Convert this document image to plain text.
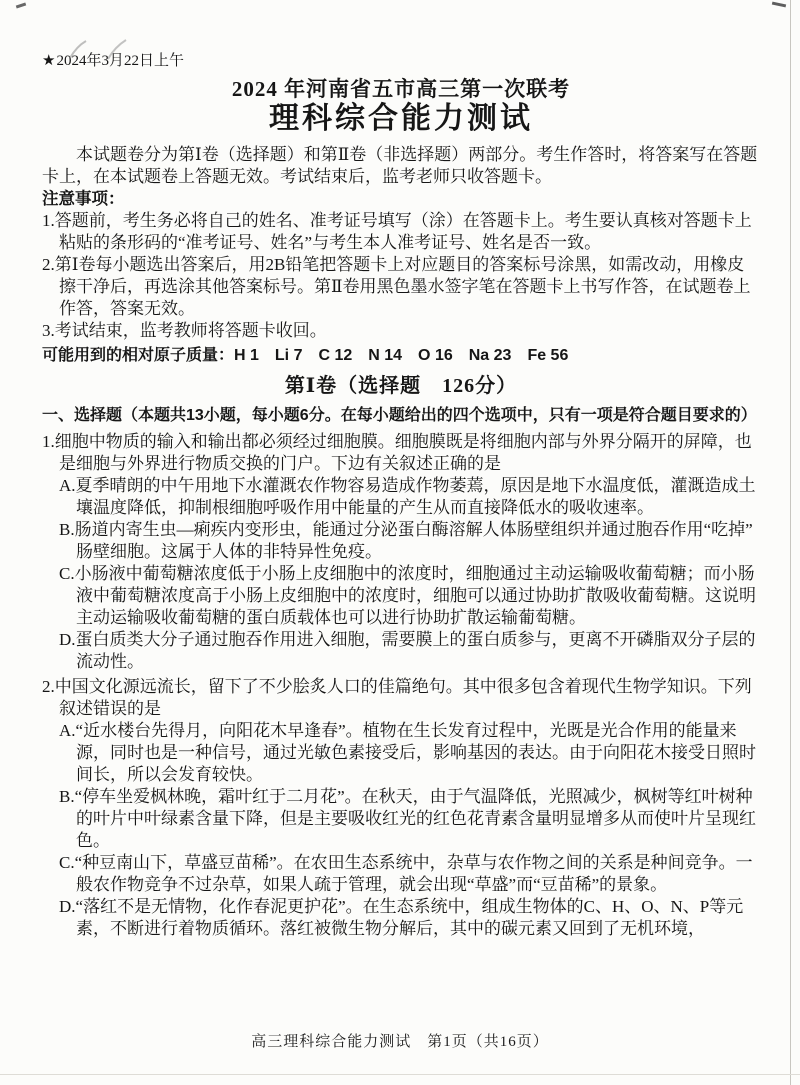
★2024年3月22日上午
2024 年河南省五市高三第一次联考
理科综合能力测试

本试题卷分为第Ⅰ卷（选择题）和第Ⅱ卷（非选择题）两部分。考生作答时，将答案写在答题卡上，在本试题卷上答题无效。考试结束后，监考老师只收答题卡。

注意事项：
1.答题前，考生务必将自己的姓名、准考证号填写（涂）在答题卡上。考生要认真核对答题卡上粘贴的条形码的“准考证号、姓名”与考生本人准考证号、姓名是否一致。
2.第Ⅰ卷每小题选出答案后，用2B铅笔把答题卡上对应题目的答案标号涂黑，如需改动，用橡皮擦干净后，再选涂其他答案标号。第Ⅱ卷用黑色墨水签字笔在答题卡上书写作答，在试题卷上作答，答案无效。
3.考试结束，监考教师将答题卡收回。
可能用到的相对原子质量：H 1　Li 7　C 12　N 14　O 16　Na 23　Fe 56
第Ⅰ卷（选择题　126分）
一、选择题（本题共13小题，每小题6分。在每小题给出的四个选项中，只有一项是符合题目要求的）
1.细胞中物质的输入和输出都必须经过细胞膜。细胞膜既是将细胞内部与外界分隔开的屏障，也是细胞与外界进行物质交换的门户。下边有关叙述正确的是
A.夏季晴朗的中午用地下水灌溉农作物容易造成作物萎蔫，原因是地下水温度低，灌溉造成土壤温度降低，抑制根细胞呼吸作用中能量的产生从而直接降低水的吸收速率。
B.肠道内寄生虫—痢疾内变形虫，能通过分泌蛋白酶溶解人体肠壁组织并通过胞吞作用“吃掉”肠壁细胞。这属于人体的非特异性免疫。
C.小肠液中葡萄糖浓度低于小肠上皮细胞中的浓度时，细胞通过主动运输吸收葡萄糖；而小肠液中葡萄糖浓度高于小肠上皮细胞中的浓度时，细胞可以通过协助扩散吸收葡萄糖。这说明主动运输吸收葡萄糖的蛋白质载体也可以进行协助扩散运输葡萄糖。
D.蛋白质类大分子通过胞吞作用进入细胞，需要膜上的蛋白质参与，更离不开磷脂双分子层的流动性。
2.中国文化源远流长，留下了不少脍炙人口的佳篇绝句。其中很多包含着现代生物学知识。下列叙述错误的是
A.“近水楼台先得月，向阳花木早逢春”。植物在生长发育过程中，光既是光合作用的能量来源，同时也是一种信号，通过光敏色素接受后，影响基因的表达。由于向阳花木接受日照时间长，所以会发育较快。
B.“停车坐爱枫林晚，霜叶红于二月花”。在秋天，由于气温降低，光照减少，枫树等红叶树种的叶片中叶绿素含量下降，但是主要吸收红光的红色花青素含量明显增多从而使叶片呈现红色。
C.“种豆南山下，草盛豆苗稀”。在农田生态系统中，杂草与农作物之间的关系是种间竞争。一般农作物竞争不过杂草，如果人疏于管理，就会出现“草盛”而“豆苗稀”的景象。
D.“落红不是无情物，化作春泥更护花”。在生态系统中，组成生物体的C、H、O、N、P等元素，不断进行着物质循环。落红被微生物分解后，其中的碳元素又回到了无机环境，
高三理科综合能力测试　第1页（共16页）
